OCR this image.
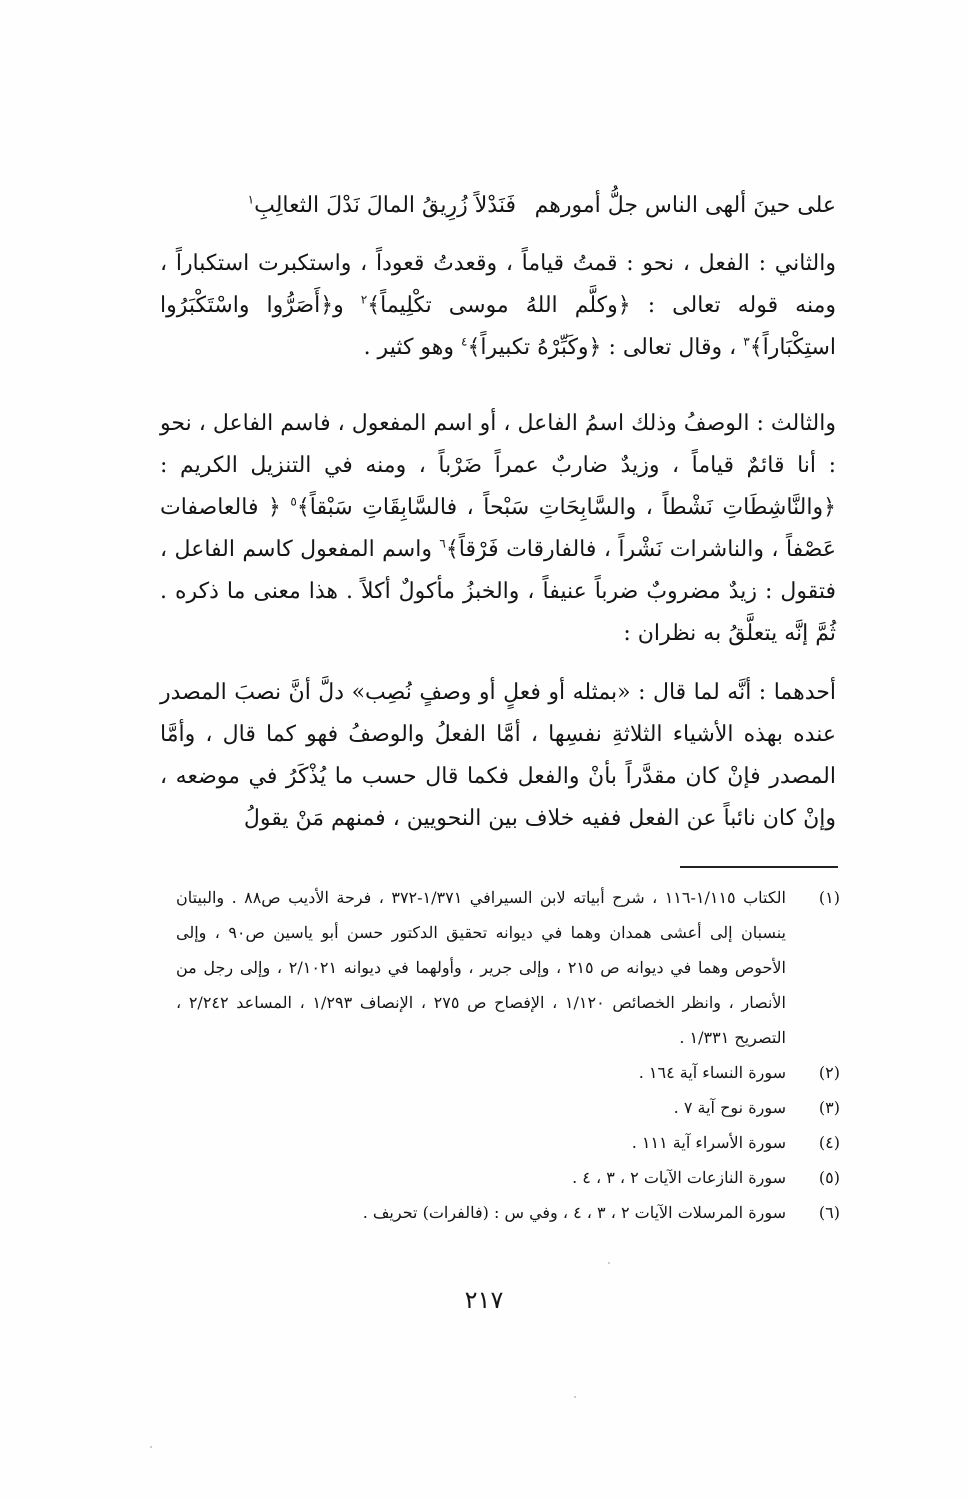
على حينَ ألهى الناس جلُّ أمورهم
فَنَدْلاً زُرِيقُ المالَ نَدْلَ الثعالِبِ$^١$

والثاني : الفعل ، نحو : قمتُ قياماً ، وقعدتُ قعوداً ، واستكبرت استكباراً ، ومنه قوله تعالى : ﴿وكلَّم اللهُ موسى تكْلِيماً﴾$^٢$ و﴿أَصَرُّوا واسْتَكْبَرُوا استِكْبَاراً﴾$^٣$ ، وقال تعالى : ﴿وكَبِّرْهُ تكبيراً﴾$^٤$ وهو كثير .

والثالث : الوصفُ وذلك اسمُ الفاعل ، أو اسم المفعول ، فاسم الفاعل ، نحو : أنا قائمٌ قياماً ، وزيدٌ ضاربٌ عمراً ضَرْباً ، ومنه في التنزيل الكريم : ﴿والنَّاشِطَاتِ نَشْطاً ، والسَّابِحَاتِ سَبْحاً ، فالسَّابِقَاتِ سَبْقاً﴾$^٥$ ﴿ فالعاصفات عَصْفاً ، والناشرات نَشْراً ، فالفارقات فَرْقاً﴾$^٦$ واسم المفعول كاسم الفاعل ، فتقول : زيدٌ مضروبٌ ضرباً عنيفاً ، والخبزُ مأكولٌ أكلاً . هذا معنى ما ذكره . ثُمَّ إنَّه يتعلَّقُ به نظران :

أحدهما : أنَّه لما قال : «بمثله أو فعلٍ أو وصفٍ نُصِب» دلَّ أنَّ نصبَ المصدر عنده بهذه الأشياء الثلاثةِ نفسِها ، أمَّا الفعلُ والوصفُ فهو كما قال ، وأمَّا المصدر فإنْ كان مقدَّراً بأنْ والفعل فكما قال حسب ما يُذْكَرُ في موضعه ، وإنْ كان نائباً عن الفعل ففيه خلاف بين النحويين ، فمنهم مَنْ يقولُ

(١)
الكتاب ١/١١٥-١١٦ ، شرح أبياته لابن السيرافي ١/٣٧١-٣٧٢ ، فرحة الأديب ص٨٨ . والبيتان ينسبان إلى أعشى همدان وهما في ديوانه تحقيق الدكتور حسن أبو ياسين ص٩٠ ، وإلى الأحوص وهما في ديوانه ص ٢١٥ ، وإلى جرير ، وأولهما في ديوانه ٢/١٠٢١ ، وإلى رجل من الأنصار ، وانظر الخصائص ١/١٢٠ ، الإفصاح ص ٢٧٥ ، الإنصاف ١/٢٩٣ ، المساعد ٢/٢٤٢ ، التصريح ١/٣٣١ .
(٢)
سورة النساء آية ١٦٤ .
(٣)
سورة نوح آية ٧ .
(٤)
سورة الأسراء آية ١١١ .
(٥)
سورة النازعات الآيات ٢ ، ٣ ، ٤ .
(٦)
سورة المرسلات الآيات ٢ ، ٣ ، ٤ ، وفي س : (فالفرات) تحريف .
٢١٧
